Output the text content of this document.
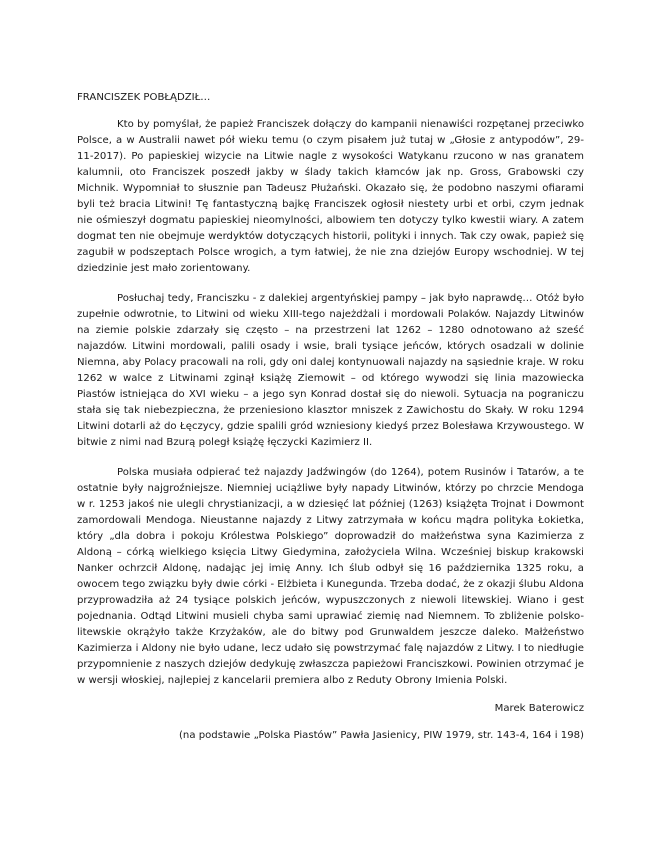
FRANCISZEK POBŁĄDZIŁ…

Kto by pomyślał, że papież Franciszek dołączy do kampanii nienawiści rozpętanej przeciwko Polsce, a w Australii nawet pół wieku temu (o czym pisałem już tutaj w „Głosie z antypodów”, 29-11-2017). Po papieskiej wizycie na Litwie nagle z wysokości Watykanu rzucono w nas granatem kalumnii, oto Franciszek poszedł jakby w ślady takich kłamców jak np. Gross, Grabowski czy Michnik. Wypomniał to słusznie pan Tadeusz Płużański. Okazało się, że podobno naszymi ofiarami byli też bracia Litwini! Tę fantastyczną bajkę Franciszek ogłosił niestety urbi et orbi, czym jednak nie ośmieszył dogmatu papieskiej nieomylności, albowiem ten dotyczy tylko kwestii wiary. A zatem dogmat ten nie obejmuje werdyktów dotyczących historii, polityki i innych. Tak czy owak, papież się zagubił w podszeptach Polsce wrogich, a tym łatwiej, że nie zna dziejów Europy wschodniej. W tej dziedzinie jest mało zorientowany.

Posłuchaj tedy, Franciszku - z dalekiej argentyńskiej pampy – jak było naprawdę… Otóż było zupełnie odwrotnie, to Litwini od wieku XIII-tego najeżdżali i mordowali Polaków. Najazdy Litwinów na ziemie polskie zdarzały się często – na przestrzeni lat 1262 – 1280 odnotowano aż sześć najazdów. Litwini mordowali, palili osady i wsie, brali tysiące jeńców, których osadzali w dolinie Niemna, aby Polacy pracowali na roli, gdy oni dalej kontynuowali najazdy na sąsiednie kraje. W roku 1262 w walce z Litwinami zginął książę Ziemowit – od którego wywodzi się linia mazowiecka Piastów istniejąca do XVI wieku – a jego syn Konrad dostał się do niewoli. Sytuacja na pograniczu stała się tak niebezpieczna, że przeniesiono klasztor mniszek z Zawichostu do Skały. W roku 1294 Litwini dotarli aż do Łęczycy, gdzie spalili gród wzniesiony kiedyś przez Bolesława Krzywoustego. W bitwie z nimi nad Bzurą poległ książę łęczycki Kazimierz II.

Polska musiała odpierać też najazdy Jadźwingów (do 1264), potem Rusinów i Tatarów, a te ostatnie były najgroźniejsze. Niemniej uciążliwe były napady Litwinów, którzy po chrzcie Mendoga w r. 1253 jakoś nie ulegli chrystianizacji, a w dziesięć lat później (1263) książęta Trojnat i Dowmont zamordowali Mendoga. Nieustanne najazdy z Litwy zatrzymała w końcu mądra polityka Łokietka, który „dla dobra i pokoju Królestwa Polskiego” doprowadził do małżeństwa syna Kazimierza z Aldoną – córką wielkiego księcia Litwy Giedymina, założyciela Wilna. Wcześniej biskup krakowski Nanker ochrzcił Aldonę, nadając jej imię Anny. Ich ślub odbył się 16 października 1325 roku, a owocem tego związku były dwie córki - Elżbieta i Kunegunda. Trzeba dodać, że z okazji ślubu Aldona przyprowadziła aż 24 tysiące polskich jeńców, wypuszczonych z niewoli litewskiej. Wiano i gest pojednania. Odtąd Litwini musieli chyba sami uprawiać ziemię nad Niemnem. To zbliżenie polsko-litewskie okrążyło także Krzyżaków, ale do bitwy pod Grunwaldem jeszcze daleko. Małżeństwo Kazimierza i Aldony nie było udane, lecz udało się powstrzymać falę najazdów z Litwy. I to niedługie przypomnienie z naszych dziejów dedykuję zwłaszcza papieżowi Franciszkowi. Powinien otrzymać je w wersji włoskiej, najlepiej z kancelarii premiera albo z Reduty Obrony Imienia Polski.

Marek Baterowicz

(na podstawie „Polska Piastów” Pawła Jasienicy, PIW 1979, str. 143-4, 164 i 198)
